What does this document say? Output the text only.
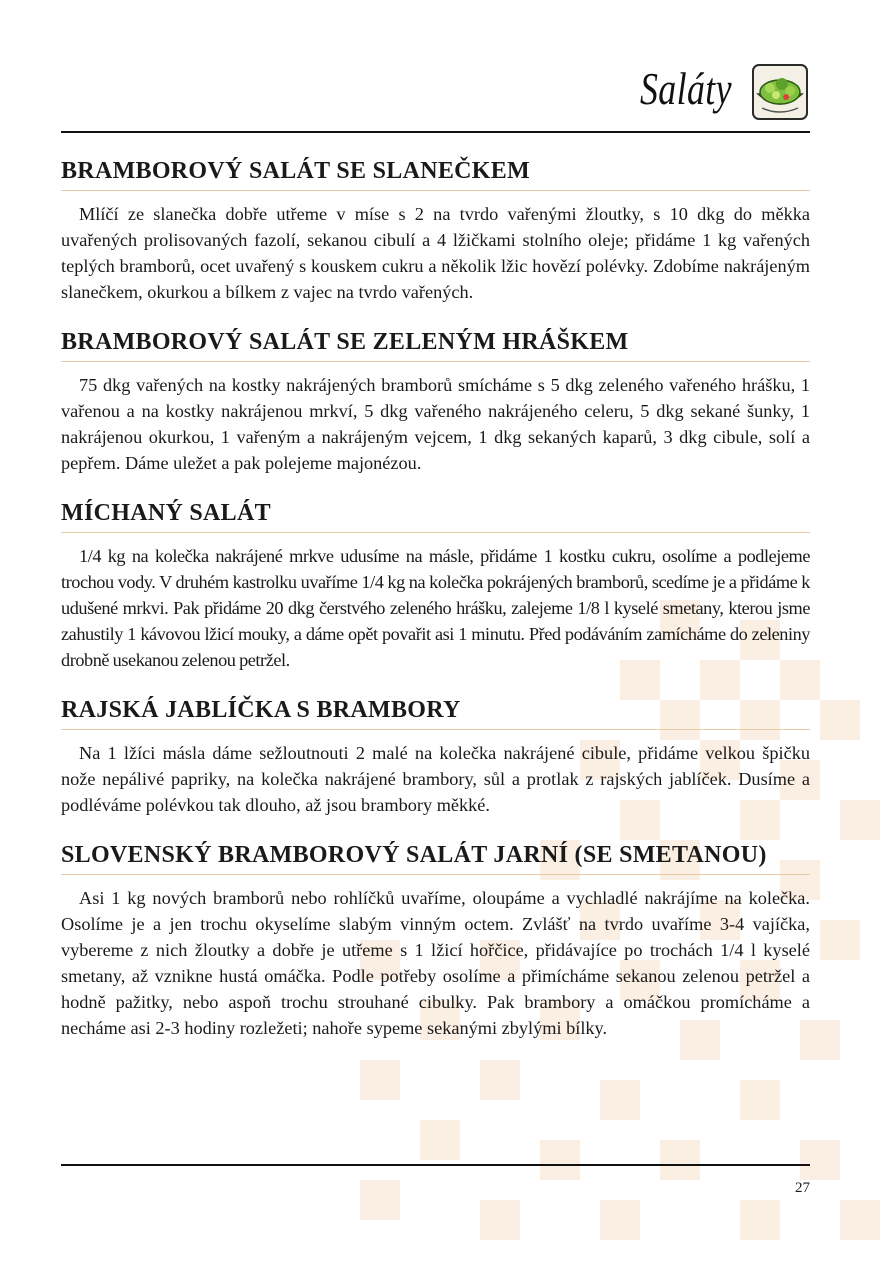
Saláty
BRAMBOROVÝ SALÁT SE SLANEČKEM

Mlíčí ze slanečka dobře utřeme v míse s 2 na tvrdo vařenými žloutky, s 10 dkg do měkka uvařených prolisovaných fazolí, sekanou cibulí a 4 lžičkami stolního oleje; přidáme 1 kg vařených teplých bramborů, ocet uvařený s kouskem cukru a několik lžic hovězí polévky. Zdobíme nakrájeným slanečkem, okurkou a bílkem z vajec na tvrdo vařených.

BRAMBOROVÝ SALÁT SE ZELENÝM HRÁŠKEM

75 dkg vařených na kostky nakrájených bramborů smícháme s 5 dkg zeleného vařeného hrášku, 1 vařenou a na kostky nakrájenou mrkví, 5 dkg vařeného nakrájeného celeru, 5 dkg sekané šunky, 1 nakrájenou okurkou, 1 vařeným a nakrájeným vejcem, 1 dkg sekaných kaparů, 3 dkg cibule, solí a pepřem. Dáme uležet a pak polejeme majonézou.

MÍCHANÝ SALÁT

1/4 kg na kolečka nakrájené mrkve udusíme na másle, přidáme 1 kostku cukru, osolíme a podlejeme trochou vody. V druhém kastrolku uvaříme 1/4 kg na kolečka pokrájených bramborů, scedíme je a přidáme k udušené mrkvi. Pak přidáme 20 dkg čerstvého zeleného hrášku, zalejeme 1/8 l kyselé smetany, kterou jsme zahustily 1 kávovou lžicí mouky, a dáme opět povařit asi 1 minutu. Před podáváním zamícháme do zeleniny drobně usekanou zelenou petržel.

RAJSKÁ JABLÍČKA S BRAMBORY

Na 1 lžíci másla dáme sežloutnouti 2 malé na kolečka nakrájené cibule, přidáme velkou špičku nože nepálivé papriky, na kolečka nakrájené brambory, sůl a protlak z rajských jablíček. Dusíme a podléváme polévkou tak dlouho, až jsou brambory měkké.

SLOVENSKÝ BRAMBOROVÝ SALÁT JARNÍ (SE SMETANOU)

Asi 1 kg nových bramborů nebo rohlíčků uvaříme, oloupáme a vychladlé nakrájíme na kolečka. Osolíme je a jen trochu okyselíme slabým vinným octem. Zvlášť na tvrdo uvaříme 3-4 vajíčka, vybereme z nich žloutky a dobře je utřeme s 1 lžicí hořčice, přidávajíce po trochách 1/4 l kyselé smetany, až vznikne hustá omáčka. Podle potřeby osolíme a přimícháme sekanou zelenou petržel a hodně pažitky, nebo aspoň trochu strouhané cibulky. Pak brambory a omáčkou promícháme a necháme asi 2-3 hodiny rozležeti; nahoře sypeme sekanými zbylými bílky.

27
